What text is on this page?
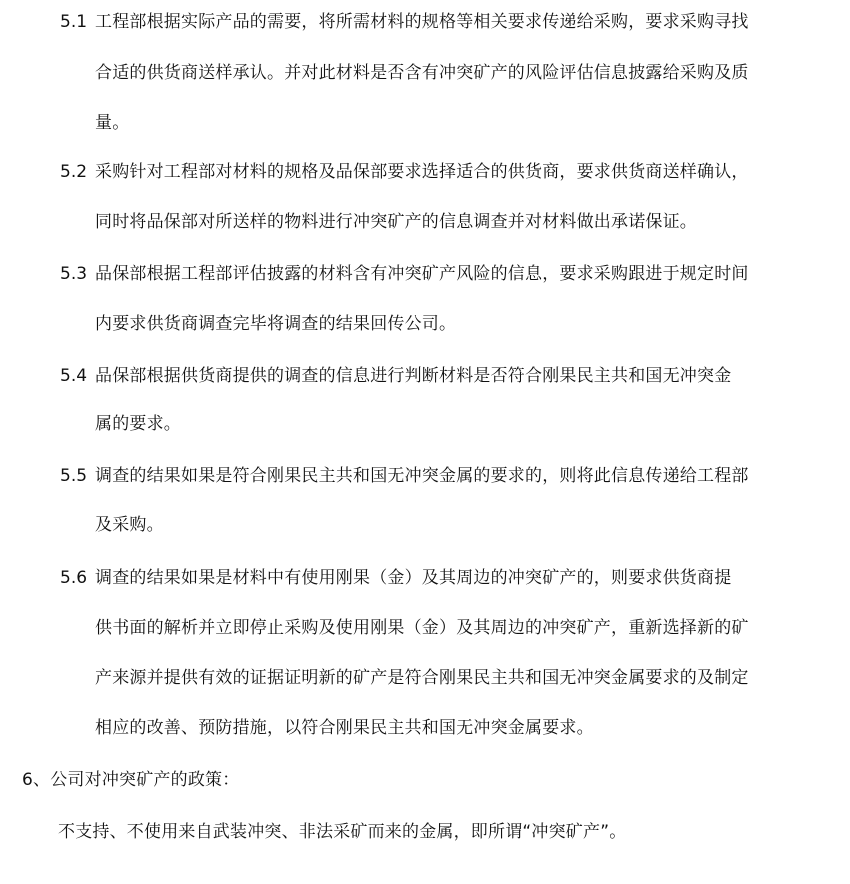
5.1 工程部根据实际产品的需要，将所需材料的规格等相关要求传递给采购，要求采购寻找
合适的供货商送样承认。并对此材料是否含有冲突矿产的风险评估信息披露给采购及质
量。
5.2 采购针对工程部对材料的规格及品保部要求选择适合的供货商，要求供货商送样确认，
同时将品保部对所送样的物料进行冲突矿产的信息调查并对材料做出承诺保证。
5.3 品保部根据工程部评估披露的材料含有冲突矿产风险的信息，要求采购跟进于规定时间
内要求供货商调查完毕将调查的结果回传公司。
5.4 品保部根据供货商提供的调查的信息进行判断材料是否符合刚果民主共和国无冲突金
属的要求。
5.5 调查的结果如果是符合刚果民主共和国无冲突金属的要求的，则将此信息传递给工程部
及采购。
5.6 调查的结果如果是材料中有使用刚果（金）及其周边的冲突矿产的，则要求供货商提
供书面的解析并立即停止采购及使用刚果（金）及其周边的冲突矿产，重新选择新的矿
产来源并提供有效的证据证明新的矿产是符合刚果民主共和国无冲突金属要求的及制定
相应的改善、预防措施，以符合刚果民主共和国无冲突金属要求。
6、公司对冲突矿产的政策：
不支持、不使用来自武装冲突、非法采矿而来的金属，即所谓“冲突矿产”。
